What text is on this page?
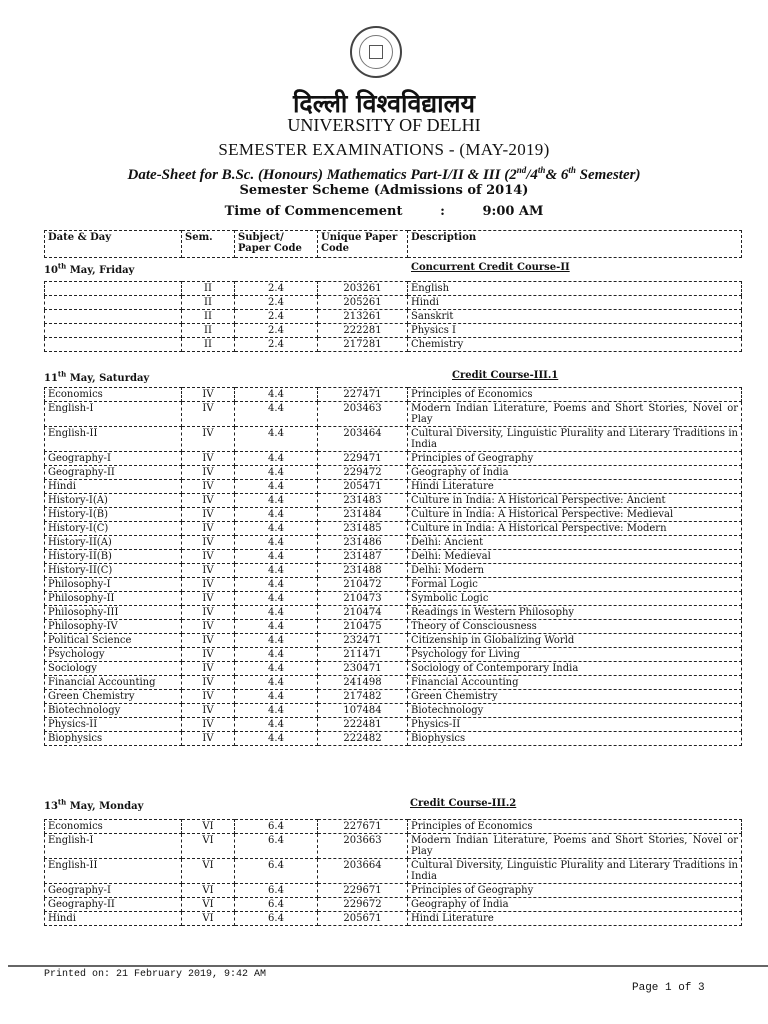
दिल्ली विश्वविद्यालय
UNIVERSITY OF DELHI
SEMESTER EXAMINATIONS - (MAY-2019)
Date-Sheet for B.Sc. (Honours) Mathematics Part-I/II & III (2nd/4th& 6th Semester)
Semester Scheme (Admissions of 2014)
Time of Commencement	:	9:00 AM
Date & Day	Sem.	Subject/ Paper Code	Unique Paper Code	Description
10th May, Friday	Concurrent Credit Course-II
	II	2.4	203261	English
	II	2.4	205261	Hindi
	II	2.4	213261	Sanskrit
	II	2.4	222281	Physics I
	II	2.4	217281	Chemistry
11th May, Saturday	Credit Course-III.1
Economics	IV	4.4	227471	Principles of Economics
English-I	IV	4.4	203463	Modern Indian Literature, Poems and Short Stories, Novel or Play
English-II	IV	4.4	203464	Cultural Diversity, Linguistic Plurality and Literary Traditions in India
Geography-I	IV	4.4	229471	Principles of Geography
Geography-II	IV	4.4	229472	Geography of India
Hindi	IV	4.4	205471	Hindi Literature
History-I(A)	IV	4.4	231483	Culture in India: A Historical Perspective: Ancient
History-I(B)	IV	4.4	231484	Culture in India: A Historical Perspective: Medieval
History-I(C)	IV	4.4	231485	Culture in India: A Historical Perspective: Modern
History-II(A)	IV	4.4	231486	Delhi: Ancient
History-II(B)	IV	4.4	231487	Delhi: Medieval
History-II(C)	IV	4.4	231488	Delhi: Modern
Philosophy-I	IV	4.4	210472	Formal Logic
Philosophy-II	IV	4.4	210473	Symbolic Logic
Philosophy-III	IV	4.4	210474	Readings in Western Philosophy
Philosophy-IV	IV	4.4	210475	Theory of Consciousness
Political Science	IV	4.4	232471	Citizenship in Globalizing World
Psychology	IV	4.4	211471	Psychology for Living
Sociology	IV	4.4	230471	Sociology of Contemporary India
Financial Accounting	IV	4.4	241498	Financial Accounting
Green Chemistry	IV	4.4	217482	Green Chemistry
Biotechnology	IV	4.4	107484	Biotechnology
Physics-II	IV	4.4	222481	Physics-II
Biophysics	IV	4.4	222482	Biophysics
13th May, Monday	Credit Course-III.2
Economics	VI	6.4	227671	Principles of Economics
English-I	VI	6.4	203663	Modern Indian Literature, Poems and Short Stories, Novel or Play
English-II	VI	6.4	203664	Cultural Diversity, Linguistic Plurality and Literary Traditions in India
Geography-I	VI	6.4	229671	Principles of Geography
Geography-II	VI	6.4	229672	Geography of India
Hindi	VI	6.4	205671	Hindi Literature
Printed on: 21 February 2019, 9:42 AM
Page 1 of 3
